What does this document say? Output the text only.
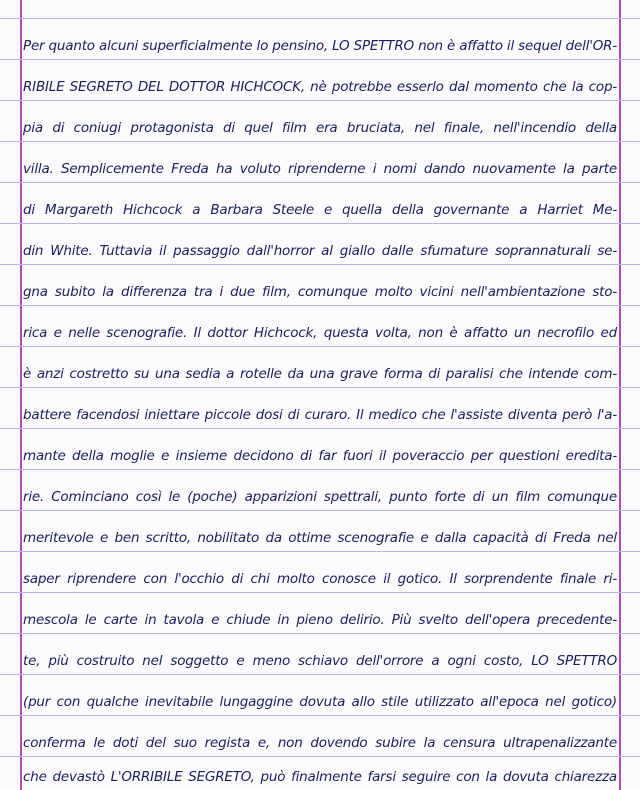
Per quanto alcuni superficialmente lo pensino, LO SPETTRO non è affatto il sequel dell'OR-
RIBILE SEGRETO DEL DOTTOR HICHCOCK, nè potrebbe esserlo dal momento che la cop-
pia di coniugi protagonista di quel film era bruciata, nel finale, nell'incendio della
villa. Semplicemente Freda ha voluto riprenderne i nomi dando nuovamente la parte
di Margareth Hichcock a Barbara Steele e quella della governante a Harriet Me-
din White. Tuttavia il passaggio dall'horror al giallo dalle sfumature soprannaturali se-
gna subito la differenza tra i due film, comunque molto vicini nell'ambientazione sto-
rica e nelle scenografie. Il dottor Hichcock, questa volta, non è affatto un necrofilo ed
è anzi costretto su una sedia a rotelle da una grave forma di paralisi che intende com-
battere facendosi iniettare piccole dosi di curaro. Il medico che l'assiste diventa però l'a-
mante della moglie e insieme decidono di far fuori il poveraccio per questioni eredita-
rie. Cominciano così le (poche) apparizioni spettrali, punto forte di un film comunque
meritevole e ben scritto, nobilitato da ottime scenografie e dalla capacità di Freda nel
saper riprendere con l'occhio di chi molto conosce il gotico. Il sorprendente finale ri-
mescola le carte in tavola e chiude in pieno delirio. Più svelto dell'opera precedente-
te, più costruito nel soggetto e meno schiavo dell'orrore a ogni costo, LO SPETTRO
(pur con qualche inevitabile lungaggine dovuta allo stile utilizzato all'epoca nel gotico)
conferma le doti del suo regista e, non dovendo subire la censura ultrapenalizzante
che devastò L'ORRIBILE SEGRETO, può finalmente farsi seguire con la dovuta chiarezza
